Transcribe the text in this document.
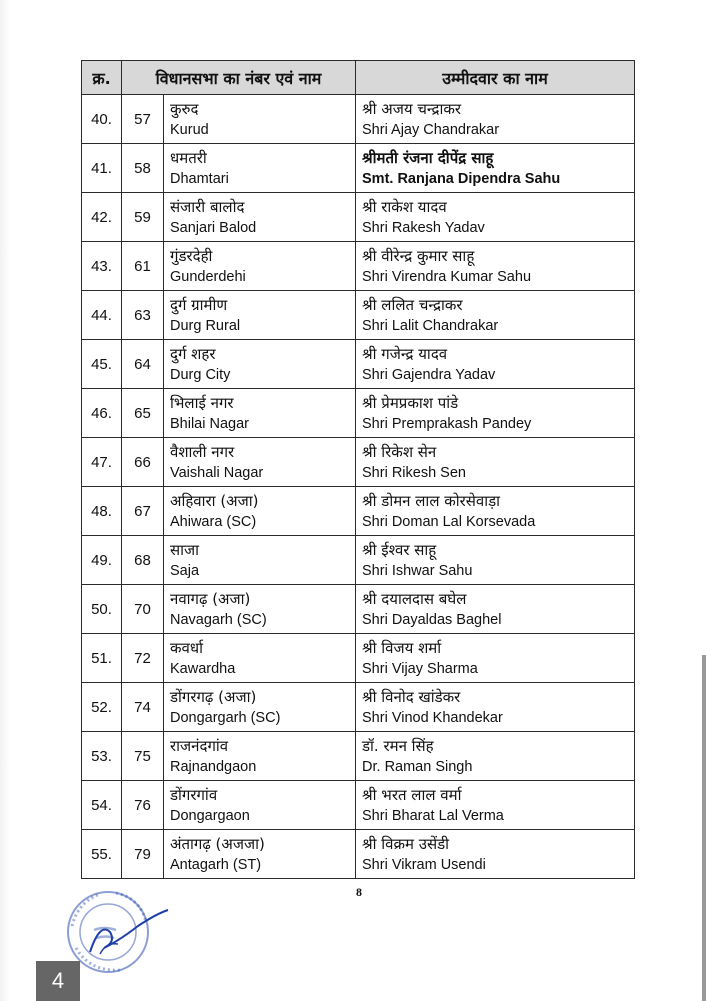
क्र.	विधानसभा का नंबर एवं नाम		उम्मीदवार का नाम
40.	57	कुरुद
Kurud	श्री अजय चन्द्राकर
Shri Ajay Chandrakar

41.	58	धमतरी
Dhamtari	श्रीमती रंजना दीपेंद्र साहू
Smt. Ranjana Dipendra Sahu

42.	59	संजारी बालोद
Sanjari Balod	श्री राकेश यादव
Shri Rakesh Yadav

43.	61	गुंडरदेही
Gunderdehi	श्री वीरेन्द्र कुमार साहू
Shri Virendra Kumar Sahu

44.	63	दुर्ग ग्रामीण
Durg Rural	श्री ललित चन्द्राकर
Shri Lalit Chandrakar

45.	64	दुर्ग शहर
Durg City	श्री गजेन्द्र यादव
Shri Gajendra Yadav

46.	65	भिलाई नगर
Bhilai Nagar	श्री प्रेमप्रकाश पांडे
Shri Premprakash Pandey

47.	66	वैशाली नगर
Vaishali Nagar	श्री रिकेश सेन
Shri Rikesh Sen

48.	67	अहिवारा (अजा)
Ahiwara (SC)	श्री डोमन लाल कोरसेवाड़ा
Shri Doman Lal Korsevada

49.	68	साजा
Saja	श्री ईश्वर साहू
Shri Ishwar Sahu

50.	70	नवागढ़ (अजा)
Navagarh (SC)	श्री दयालदास बघेल
Shri Dayaldas Baghel

51.	72	कवर्धा
Kawardha	श्री विजय शर्मा
Shri Vijay Sharma

52.	74	डोंगरगढ़ (अजा)
Dongargarh (SC)	श्री विनोद खांडेकर
Shri Vinod Khandekar

53.	75	राजनंदगांव
Rajnandgaon	डॉ. रमन सिंह
Dr. Raman Singh

54.	76	डोंगरगांव
Dongargaon	श्री भरत लाल वर्मा
Shri Bharat Lal Verma

55.	79	अंतागढ़ (अजजा)
Antagarh (ST)	श्री विक्रम उसेंडी
Shri Vikram Usendi
8
4
